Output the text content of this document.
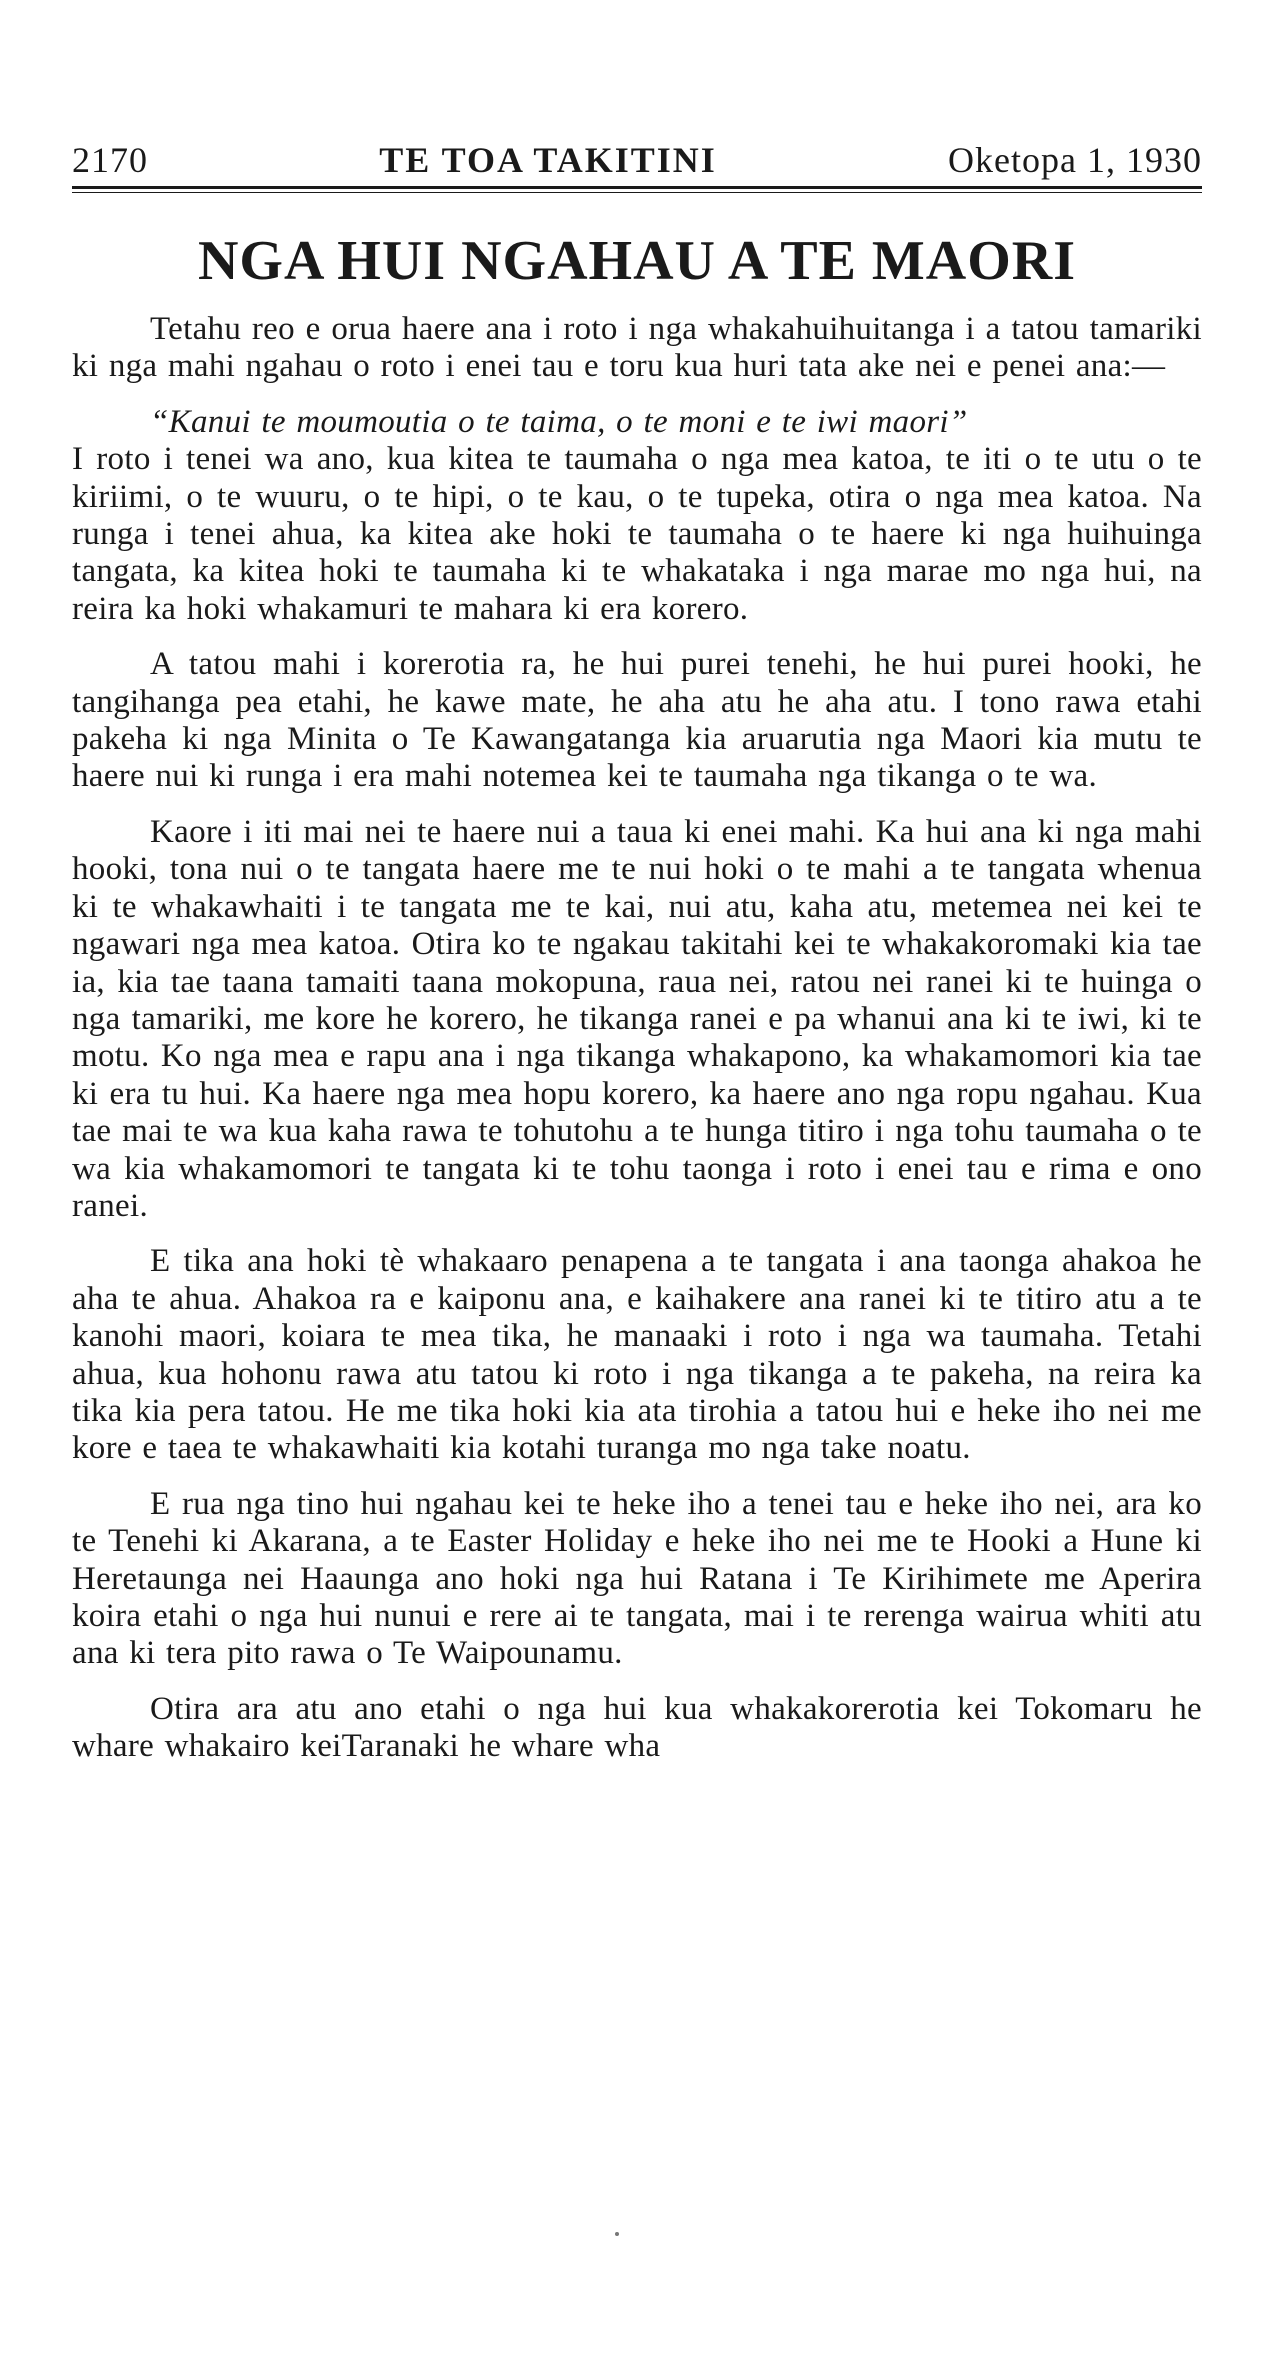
2170	TE TOA TAKITINI	Oketopa 1, 1930
NGA HUI NGAHAU A TE MAORI

Tetahu reo e orua haere ana i roto i nga whakahuihuitanga i a tatou tamariki ki nga mahi ngahau o roto i enei tau e toru kua huri tata ake nei e penei ana:—

“Kanui te moumoutia o te taima, o te moni e te iwi maori”

I roto i tenei wa ano, kua kitea te taumaha o nga mea katoa, te iti o te utu o te kiriimi, o te wuuru, o te hipi, o te kau, o te tupeka, otira o nga mea katoa. Na runga i tenei ahua, ka kitea ake hoki te taumaha o te haere ki nga huihuinga tangata, ka kitea hoki te taumaha ki te whakataka i nga marae mo nga hui, na reira ka hoki whakamuri te mahara ki era korero.

A tatou mahi i korerotia ra, he hui purei tenehi, he hui purei hooki, he tangihanga pea etahi, he kawe mate, he aha atu he aha atu. I tono rawa etahi pakeha ki nga Minita o Te Kawangatanga kia aruarutia nga Maori kia mutu te haere nui ki runga i era mahi notemea kei te taumaha nga tikanga o te wa.

Kaore i iti mai nei te haere nui a taua ki enei mahi. Ka hui ana ki nga mahi hooki, tona nui o te tangata haere me te nui hoki o te mahi a te tangata whenua ki te whakawhaiti i te tangata me te kai, nui atu, kaha atu, metemea nei kei te ngawari nga mea katoa. Otira ko te ngakau takitahi kei te whakakoromaki kia tae ia, kia tae taana tamaiti taana mokopuna, raua nei, ratou nei ranei ki te huinga o nga tamariki, me kore he korero, he tikanga ranei e pa whanui ana ki te iwi, ki te motu. Ko nga mea e rapu ana i nga tikanga whakapono, ka whakamomori kia tae ki era tu hui. Ka haere nga mea hopu korero, ka haere ano nga ropu ngahau. Kua tae mai te wa kua kaha rawa te tohutohu a te hunga titiro i nga tohu taumaha o te wa kia whakamomori te tangata ki te tohu taonga i roto i enei tau e rima e ono ranei.

E tika ana hoki tè whakaaro penapena a te tangata i ana taonga ahakoa he aha te ahua. Ahakoa ra e kaiponu ana, e kaihakere ana ranei ki te titiro atu a te kanohi maori, koiara te mea tika, he manaaki i roto i nga wa taumaha. Tetahi ahua, kua hohonu rawa atu tatou ki roto i nga tikanga a te pakeha, na reira ka tika kia pera tatou. He me tika hoki kia ata tirohia a tatou hui e heke iho nei me kore e taea te whakawhaiti kia kotahi turanga mo nga take noatu.

E rua nga tino hui ngahau kei te heke iho a tenei tau e heke iho nei, ara ko te Tenehi ki Akarana, a te Easter Holiday e heke iho nei me te Hooki a Hune ki Heretaunga nei Haaunga ano hoki nga hui Ratana i Te Kirihimete me Aperira koira etahi o nga hui nunui e rere ai te tangata, mai i te rerenga wairua whiti atu ana ki tera pito rawa o Te Waipounamu.

Otira ara atu ano etahi o nga hui kua whakakorerotia kei Tokomaru he whare whakairo keiTaranaki he whare wha
